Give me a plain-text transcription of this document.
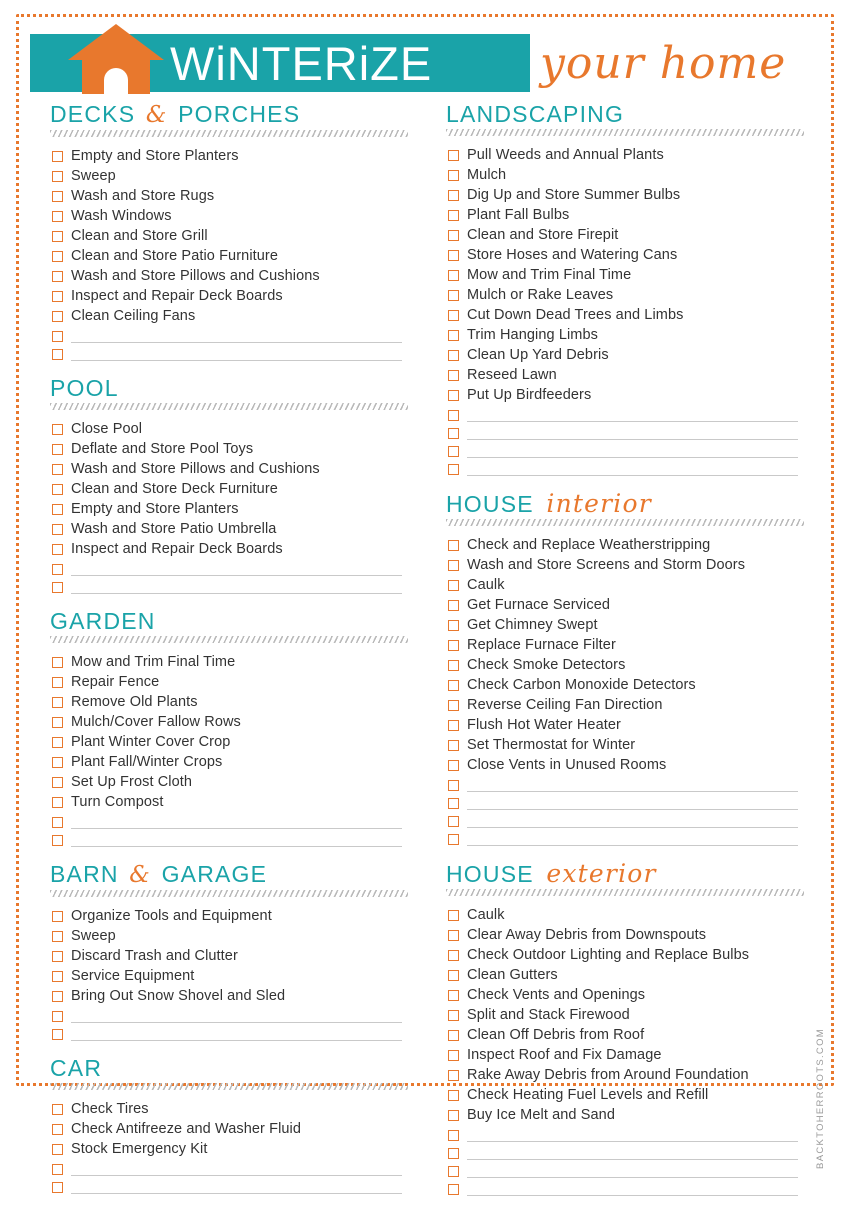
WiNTERiZE your home
DECKS & PORCHES
Empty and Store Planters
Sweep
Wash and Store Rugs
Wash Windows
Clean and Store Grill
Clean and Store Patio Furniture
Wash and Store Pillows and Cushions
Inspect and Repair Deck Boards
Clean Ceiling Fans
POOL
Close Pool
Deflate and Store Pool Toys
Wash and Store Pillows and Cushions
Clean and Store Deck Furniture
Empty and Store Planters
Wash and Store Patio Umbrella
Inspect and Repair Deck Boards
GARDEN
Mow and Trim Final Time
Repair Fence
Remove Old Plants
Mulch/Cover Fallow Rows
Plant Winter Cover Crop
Plant Fall/Winter Crops
Set Up Frost Cloth
Turn Compost
BARN & GARAGE
Organize Tools and Equipment
Sweep
Discard Trash and Clutter
Service Equipment
Bring Out Snow Shovel and Sled
CAR
Check Tires
Check Antifreeze and Washer Fluid
Stock Emergency Kit
LANDSCAPING
Pull Weeds and Annual Plants
Mulch
Dig Up and Store Summer Bulbs
Plant Fall Bulbs
Clean and Store Firepit
Store Hoses and Watering Cans
Mow and Trim Final Time
Mulch or Rake Leaves
Cut Down Dead Trees and Limbs
Trim Hanging Limbs
Clean Up Yard Debris
Reseed Lawn
Put Up Birdfeeders
HOUSE interior
Check and Replace Weatherstripping
Wash and Store Screens and Storm Doors
Caulk
Get Furnace Serviced
Get Chimney Swept
Replace Furnace Filter
Check Smoke Detectors
Check Carbon Monoxide Detectors
Reverse Ceiling Fan Direction
Flush Hot Water Heater
Set Thermostat for Winter
Close Vents in Unused Rooms
HOUSE exterior
Caulk
Clear Away Debris from Downspouts
Check Outdoor Lighting and Replace Bulbs
Clean Gutters
Check Vents and Openings
Split and Stack Firewood
Clean Off Debris from Roof
Inspect Roof and Fix Damage
Rake Away Debris from Around Foundation
Check Heating Fuel Levels and Refill
Buy Ice Melt and Sand	BACKTOHERROOTS.COM
